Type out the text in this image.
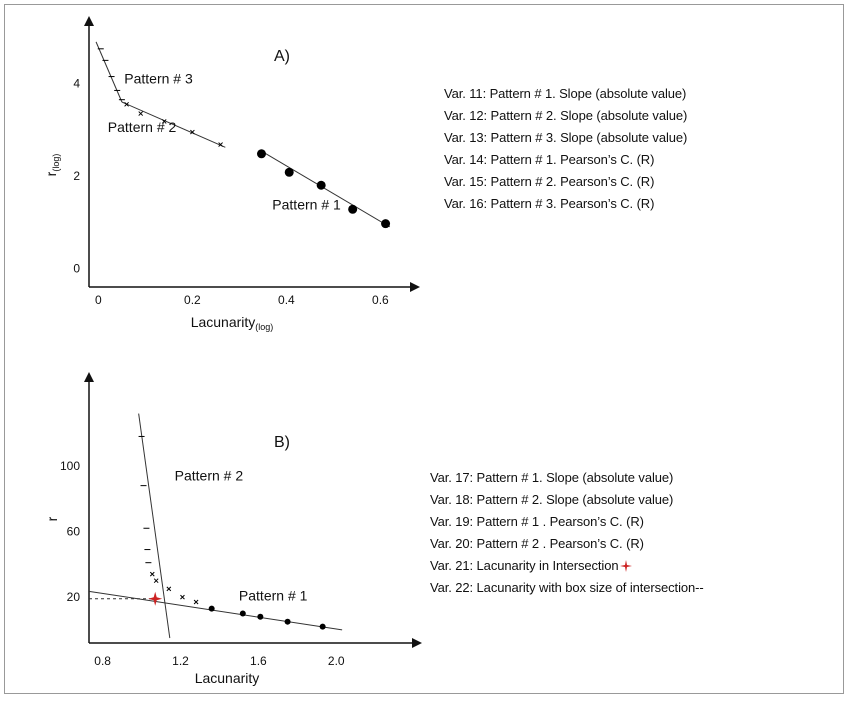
0	0.2	0.4	0.6
0
2
4
Lacunarity$_{(log)}$
$r_{(log)}$
Pattern # 3
Pattern # 2
Pattern # 1
0.8	1.2	1.6	2.0
20
60
100
Lacunarity
r
Pattern # 2
Pattern # 1
A)
B)
Var. 11: Pattern # 1. Slope (absolute value)
Var. 12: Pattern # 2. Slope (absolute value)
Var. 13: Pattern # 3. Slope (absolute value)
Var. 14: Pattern # 1. Pearson’s C. (R)
Var. 15: Pattern # 2. Pearson’s C. (R)
Var. 16: Pattern # 3. Pearson’s C. (R)
Var. 17: Pattern # 1. Slope (absolute value)
Var. 18: Pattern # 2. Slope (absolute value)
Var. 19: Pattern # 1 . Pearson’s C. (R)
Var. 20: Pattern # 2 . Pearson’s C. (R)
Var. 21: Lacunarity in Intersection
Var. 22: Lacunarity with box size of intersection--
